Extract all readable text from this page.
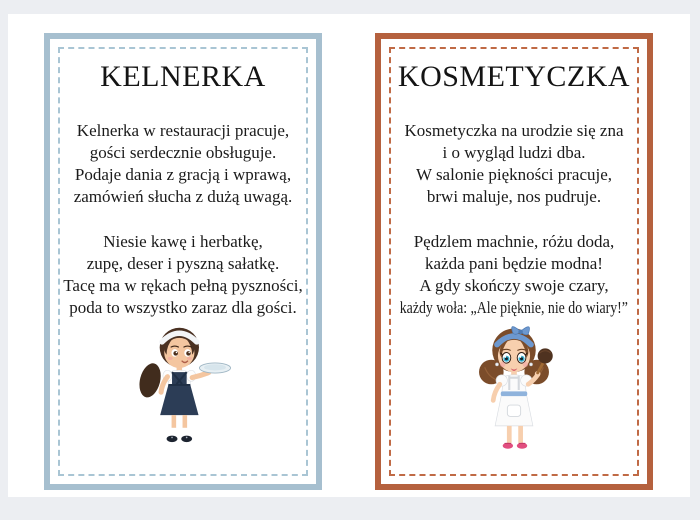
KELNERKA
Kelnerka w restauracji pracuje,
gości serdecznie obsługuje.
Podaje dania z gracją i wprawą,
zamówień słucha z dużą uwagą.
Niesie kawę i herbatkę,
zupę, deser i pyszną sałatkę.
Tacę ma w rękach pełną pyszności,
poda to wszystko zaraz dla gości.
KOSMETYCZKA
Kosmetyczka na urodzie się zna
i o wygląd ludzi dba.
W salonie piękności pracuje,
brwi maluje, nos pudruje.
Pędzlem machnie, różu doda,
każda pani będzie modna!
A gdy skończy swoje czary,
każdy woła: „Ale pięknie, nie do wiary!”
